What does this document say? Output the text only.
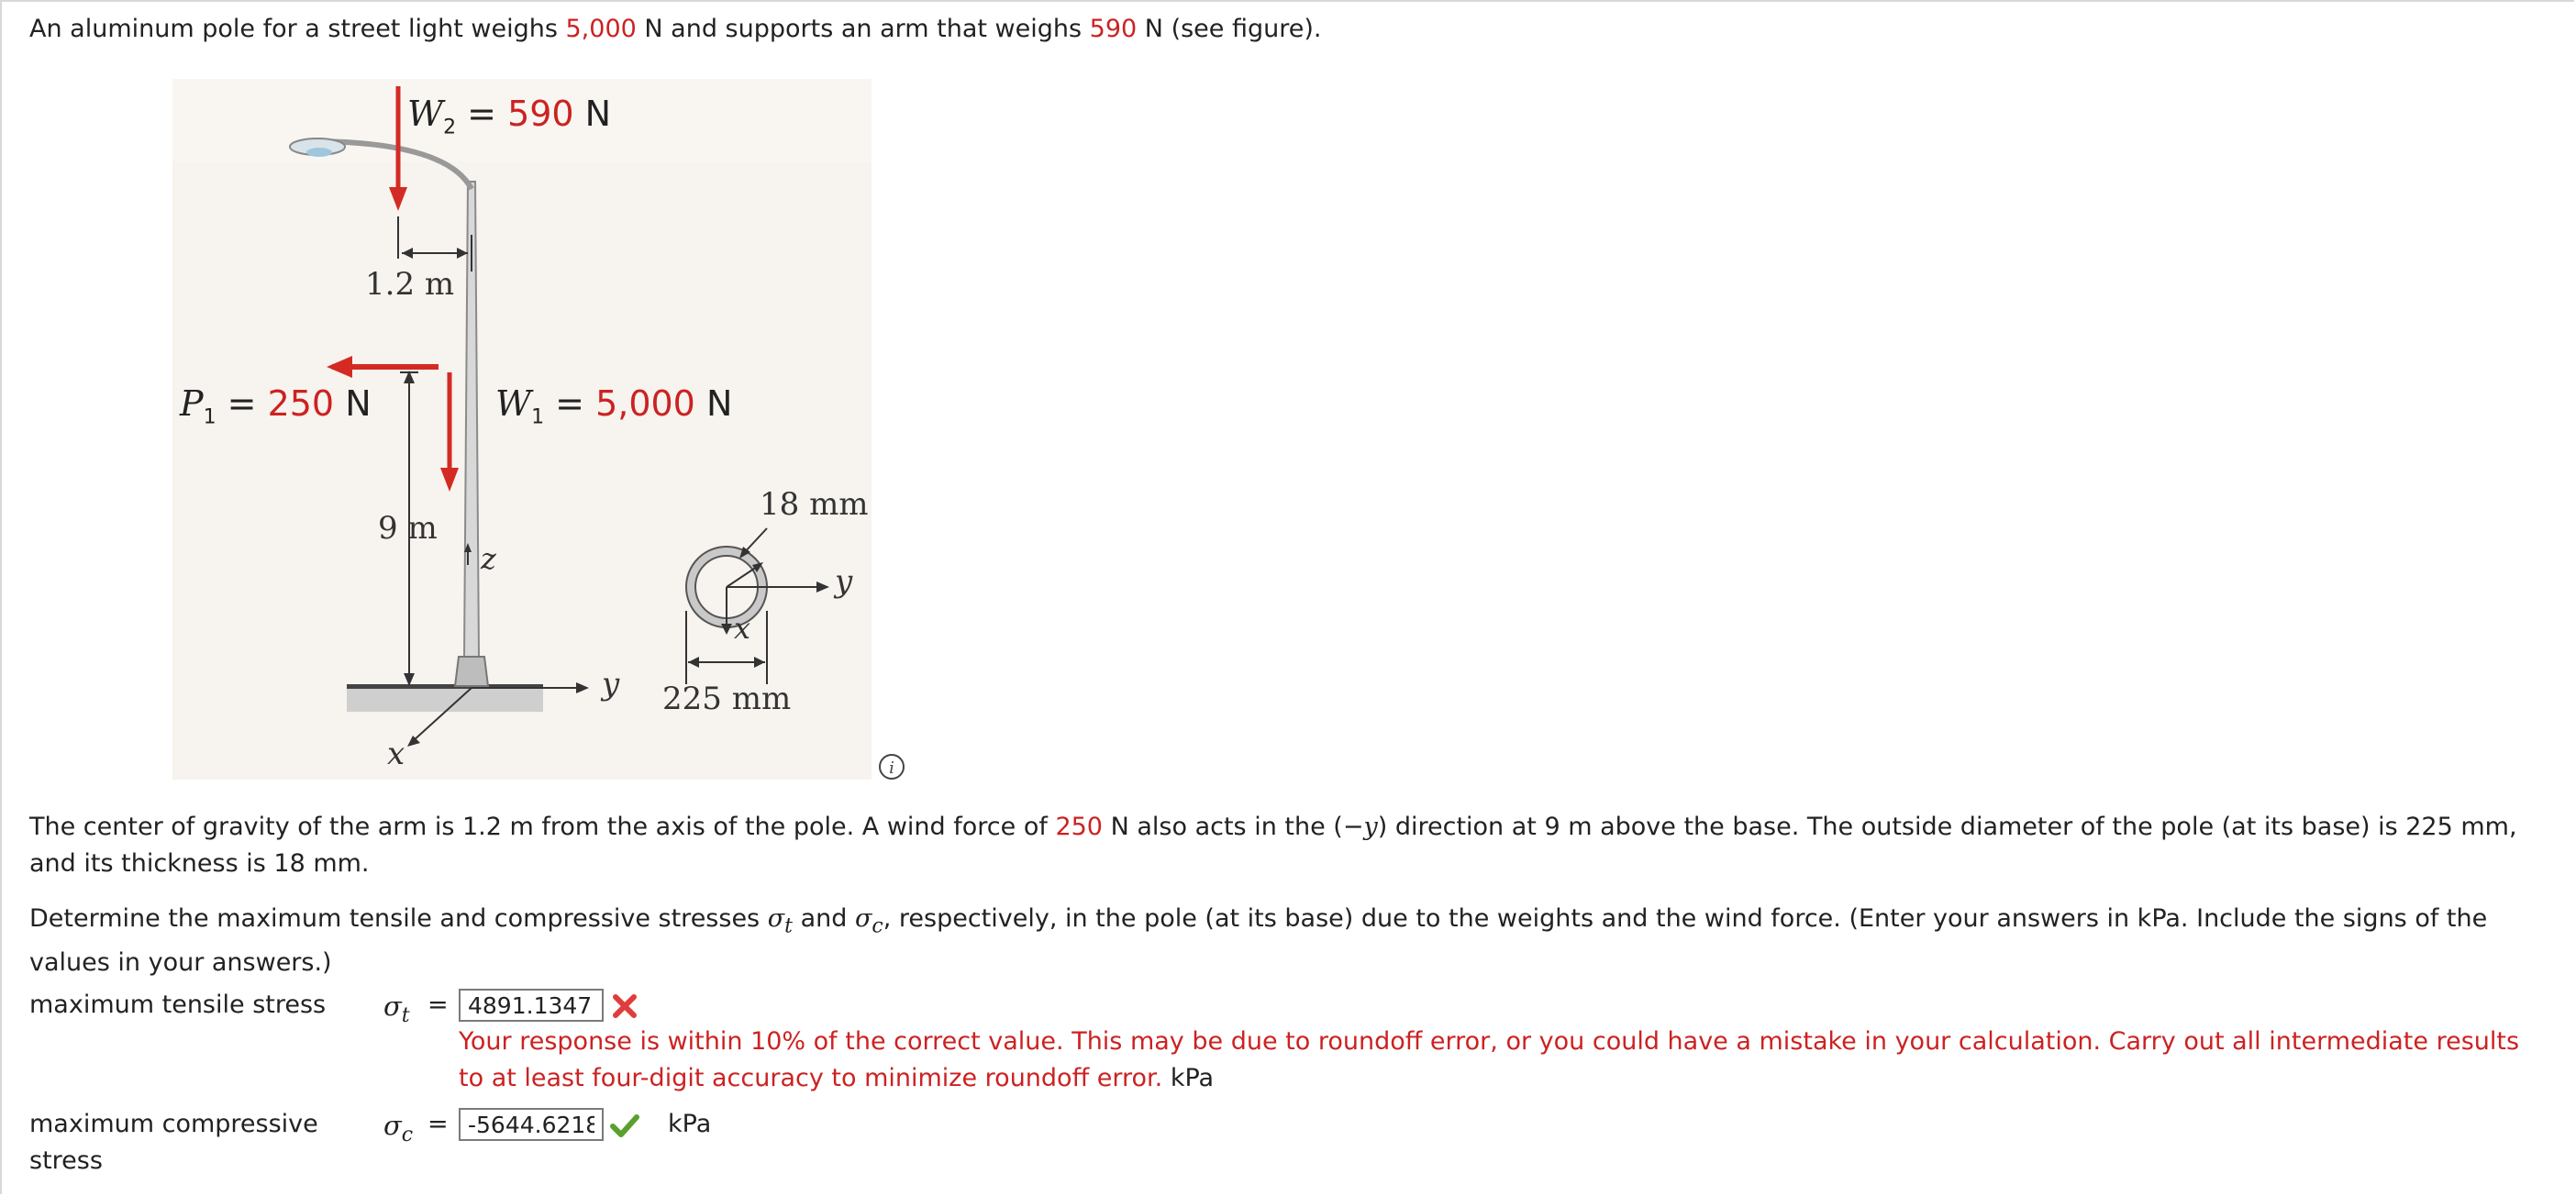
An aluminum pole for a street light weighs 5,000 N and supports an arm that weighs 590 N (see figure).
$W_2 = 590$ N
1.2 m
$P_1 = 250$ N	$W_1 = 5,000$ N
9 m
z
y
x
18 mm
y
x
225 mm
i
The center of gravity of the arm is 1.2 m from the axis of the pole. A wind force of 250 N also acts in the (−y) direction at 9 m above the base. The outside diameter of the pole (at its base) is 225 mm, and its thickness is 18 mm.
Determine the maximum tensile and compressive stresses $\sigma_t$ and $\sigma_c$, respectively, in the pole (at its base) due to the weights and the wind force. (Enter your answers in kPa. Include the signs of the values in your answers.)
maximum tensile stress $\sigma_t$ =
4891.1347
Your response is within 10% of the correct value. This may be due to roundoff error, or you could have a mistake in your calculation. Carry out all intermediate results to at least four-digit accuracy to minimize roundoff error. kPa
maximum compressive
stress
$\sigma_c$ =
-5644.6218	kPa
